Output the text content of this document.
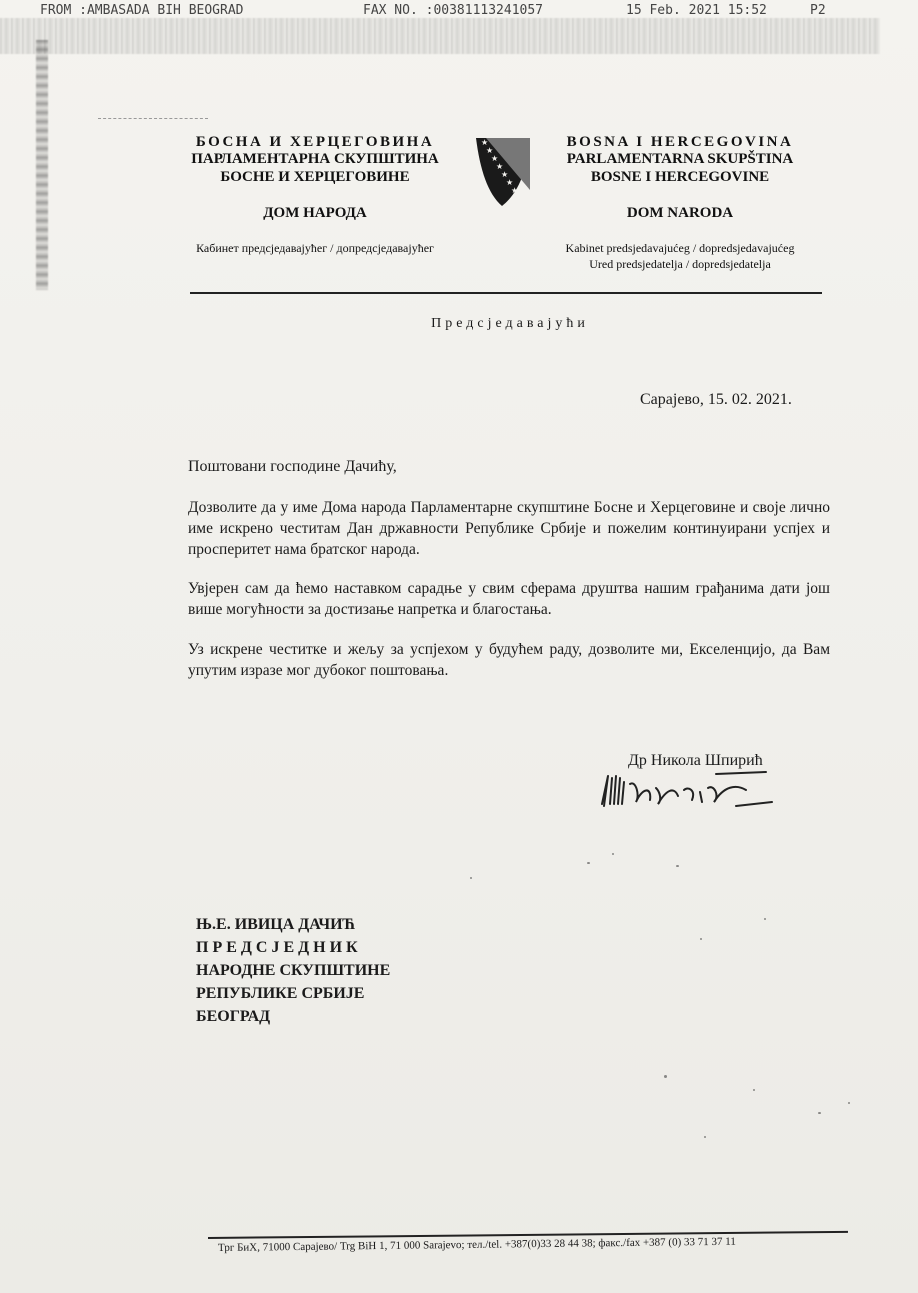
FROM :AMBASADA BIH BEOGRAD	FAX NO. :00381113241057	15 Feb. 2021 15:52	P2
БОСНА И ХЕРЦЕГОВИНА
ПАРЛАМЕНТАРНА СКУПШТИНА
БОСНЕ И ХЕРЦЕГОВИНЕ
ДОМ НАРОДА
Кабинет предсједавајућег / допредсједавајућег
★
★
★
★
★
★
★
BOSNA I HERCEGOVINA
PARLAMENTARNA SKUPŠTINA
BOSNE I HERCEGOVINE
DOM NARODA
Kabinet predsjedavajućeg / dopredsjedavajućeg
Ured predsjedatelja / dopredsjedatelja
Предсједавајући
Сарајево, 15. 02. 2021.
Поштовани господине Дачићу,
Дозволите да у име Дома народа Парламентарне скупштине Босне и Херцеговине и своје лично име искрено честитам Дан државности Републике Србије и пожелим континуирани успјех и просперитет нама братског народа.
Увјерен сам да ћемо наставком сарадње у свим сферама друштва нашим грађанима дати још више могућности за достизање напретка и благостања.
Уз искрене честитке и жељу за успјехом у будућем раду, дозволите ми, Екселенцијо, да Вам упутим изразе мог дубоког поштовања.
Др Никола Шпирић
Њ.Е. ИВИЦА ДАЧИЋ
ПРЕДСЈЕДНИК
НАРОДНЕ СКУПШТИНЕ
РЕПУБЛИКЕ СРБИЈЕ
БЕОГРАД
Трг БиХ, 71000 Сарајево/ Trg BiH 1, 71 000 Sarajevo; тел./tel. +387(0)33 28 44 38; факс./fax +387 (0) 33 71 37 11
